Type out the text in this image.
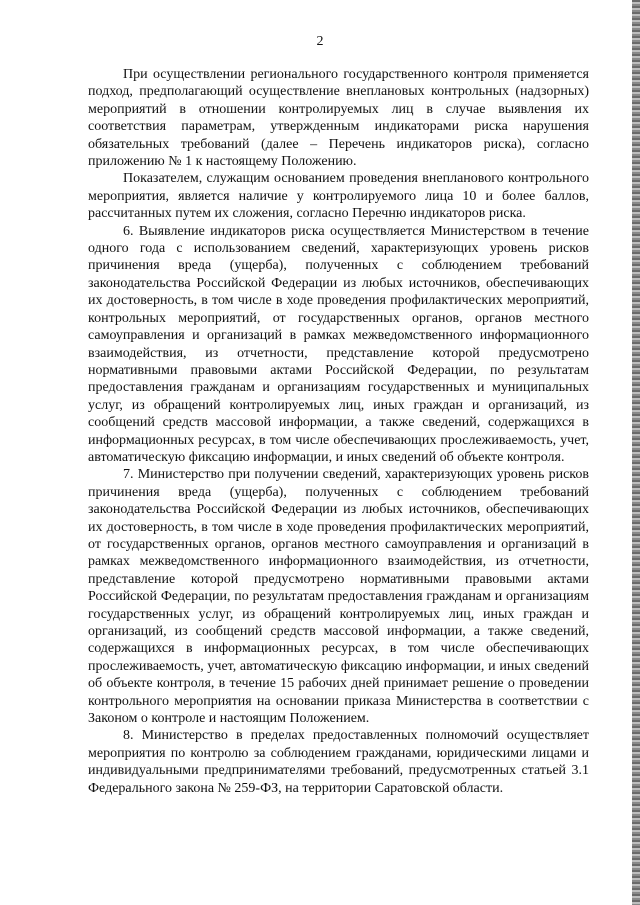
2

При осуществлении регионального государственного контроля применяется подход, предполагающий осуществление внеплановых контрольных (надзорных) мероприятий в отношении контролируемых лиц в случае выявления их соответствия параметрам, утвержденным индикаторами риска нарушения обязательных требований (далее – Перечень индикаторов риска), согласно приложению № 1 к настоящему Положению.

Показателем, служащим основанием проведения внепланового контрольного мероприятия, является наличие у контролируемого лица 10 и более баллов, рассчитанных путем их сложения, согласно Перечню индикаторов риска.

6. Выявление индикаторов риска осуществляется Министерством в течение одного года с использованием сведений, характеризующих уровень рисков причинения вреда (ущерба), полученных с соблюдением требований законодательства Российской Федерации из любых источников, обеспечивающих их достоверность, в том числе в ходе проведения профилактических мероприятий, контрольных мероприятий, от государственных органов, органов местного самоуправления и организаций в рамках межведомственного информационного взаимодействия, из отчетности, представление которой предусмотрено нормативными правовыми актами Российской Федерации, по результатам предоставления гражданам и организациям государственных и муниципальных услуг, из обращений контролируемых лиц, иных граждан и организаций, из сообщений средств массовой информации, а также сведений, содержащихся в информационных ресурсах, в том числе обеспечивающих прослеживаемость, учет, автоматическую фиксацию информации, и иных сведений об объекте контроля.

7. Министерство при получении сведений, характеризующих уровень рисков причинения вреда (ущерба), полученных с соблюдением требований законодательства Российской Федерации из любых источников, обеспечивающих их достоверность, в том числе в ходе проведения профилактических мероприятий, от государственных органов, органов местного самоуправления и организаций в рамках межведомственного информационного взаимодействия, из отчетности, представление которой предусмотрено нормативными правовыми актами Российской Федерации, по результатам предоставления гражданам и организациям государственных услуг, из обращений контролируемых лиц, иных граждан и организаций, из сообщений средств массовой информации, а также сведений, содержащихся в информационных ресурсах, в том числе обеспечивающих прослеживаемость, учет, автоматическую фиксацию информации, и иных сведений об объекте контроля, в течение 15 рабочих дней принимает решение о проведении контрольного мероприятия на основании приказа Министерства в соответствии с Законом о контроле и настоящим Положением.

8. Министерство в пределах предоставленных полномочий осуществляет мероприятия по контролю за соблюдением гражданами, юридическими лицами и индивидуальными предпринимателями требований, предусмотренных статьей 3.1 Федерального закона № 259-ФЗ, на территории Саратовской области.
